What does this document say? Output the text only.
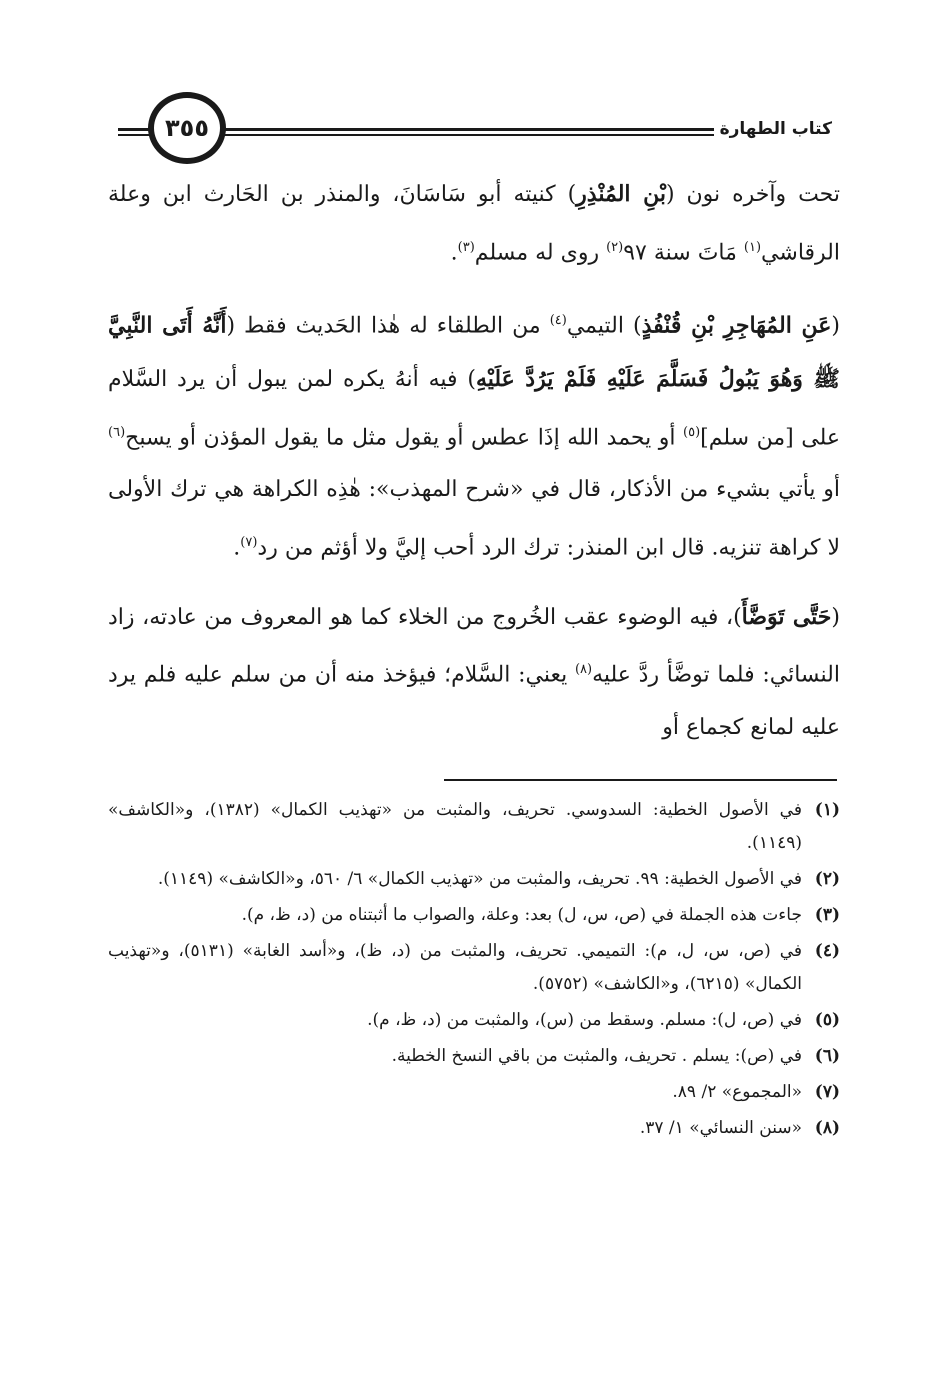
كتاب الطهارة
٣٥٥

تحت وآخره نون (بْنِ المُنْذِرِ) كنيته أبو سَاسَانَ، والمنذر بن الحَارث ابن وعلة الرقاشي$^{(١)}$ مَاتَ سنة ٩٧$^{(٢)}$ روى له مسلم$^{(٣)}$.

(عَنِ المُهَاجِرِ بْنِ قُنْفُذٍ) التيمي$^{(٤)}$ من الطلقاء له هٰذا الحَديث فقط (أَنَّهُ أَتَى النَّبِيَّ ﷺ وَهُوَ يَبُولُ فَسَلَّمَ عَلَيْهِ فَلَمْ يَرُدَّ عَلَيْهِ) فيه أنهُ يكره لمن يبول أن يرد السَّلام على [من سلم]$^{(٥)}$ أو يحمد الله إذَا عطس أو يقول مثل ما يقول المؤذن أو يسبح$^{(٦)}$ أو يأتي بشيء من الأذكار، قال في «شرح المهذب»: هٰذِه الكراهة هي ترك الأولى لا كراهة تنزيه. قال ابن المنذر: ترك الرد أحب إليَّ ولا أؤثم من رد$^{(٧)}$.

(حَتَّى تَوَضَّأَ)، فيه الوضوء عقب الخُروج من الخلاء كما هو المعروف من عادته، زاد النسائي: فلما توضَّأ ردَّ عليه$^{(٨)}$ يعني: السَّلام؛ فيؤخذ منه أن من سلم عليه فلم يرد عليه لمانع كجماع أو

(١)
في الأصول الخطية: السدوسي. تحريف، والمثبت من «تهذيب الكمال» (١٣٨٢)، و«الكاشف» (١١٤٩).
(٢)
في الأصول الخطية: ٩٩. تحريف، والمثبت من «تهذيب الكمال» ٦/ ٥٦٠، و«الكاشف» (١١٤٩).
(٣)
جاءت هذه الجملة في (ص، س، ل) بعد: وعلة، والصواب ما أثبتناه من (د، ظ، م).
(٤)
في (ص، س، ل، م): التميمي. تحريف، والمثبت من (د، ظ)، و«أسد الغابة» (٥١٣١)، و«تهذيب الكمال» (٦٢١٥)، و«الكاشف» (٥٧٥٢).
(٥)
في (ص، ل): مسلم. وسقط من (س)، والمثبت من (د، ظ، م).
(٦)
في (ص): يسلم . تحريف، والمثبت من باقي النسخ الخطية.
(٧)
«المجموع» ٢/ ٨٩.
(٨)
«سنن النسائي» ١/ ٣٧.
